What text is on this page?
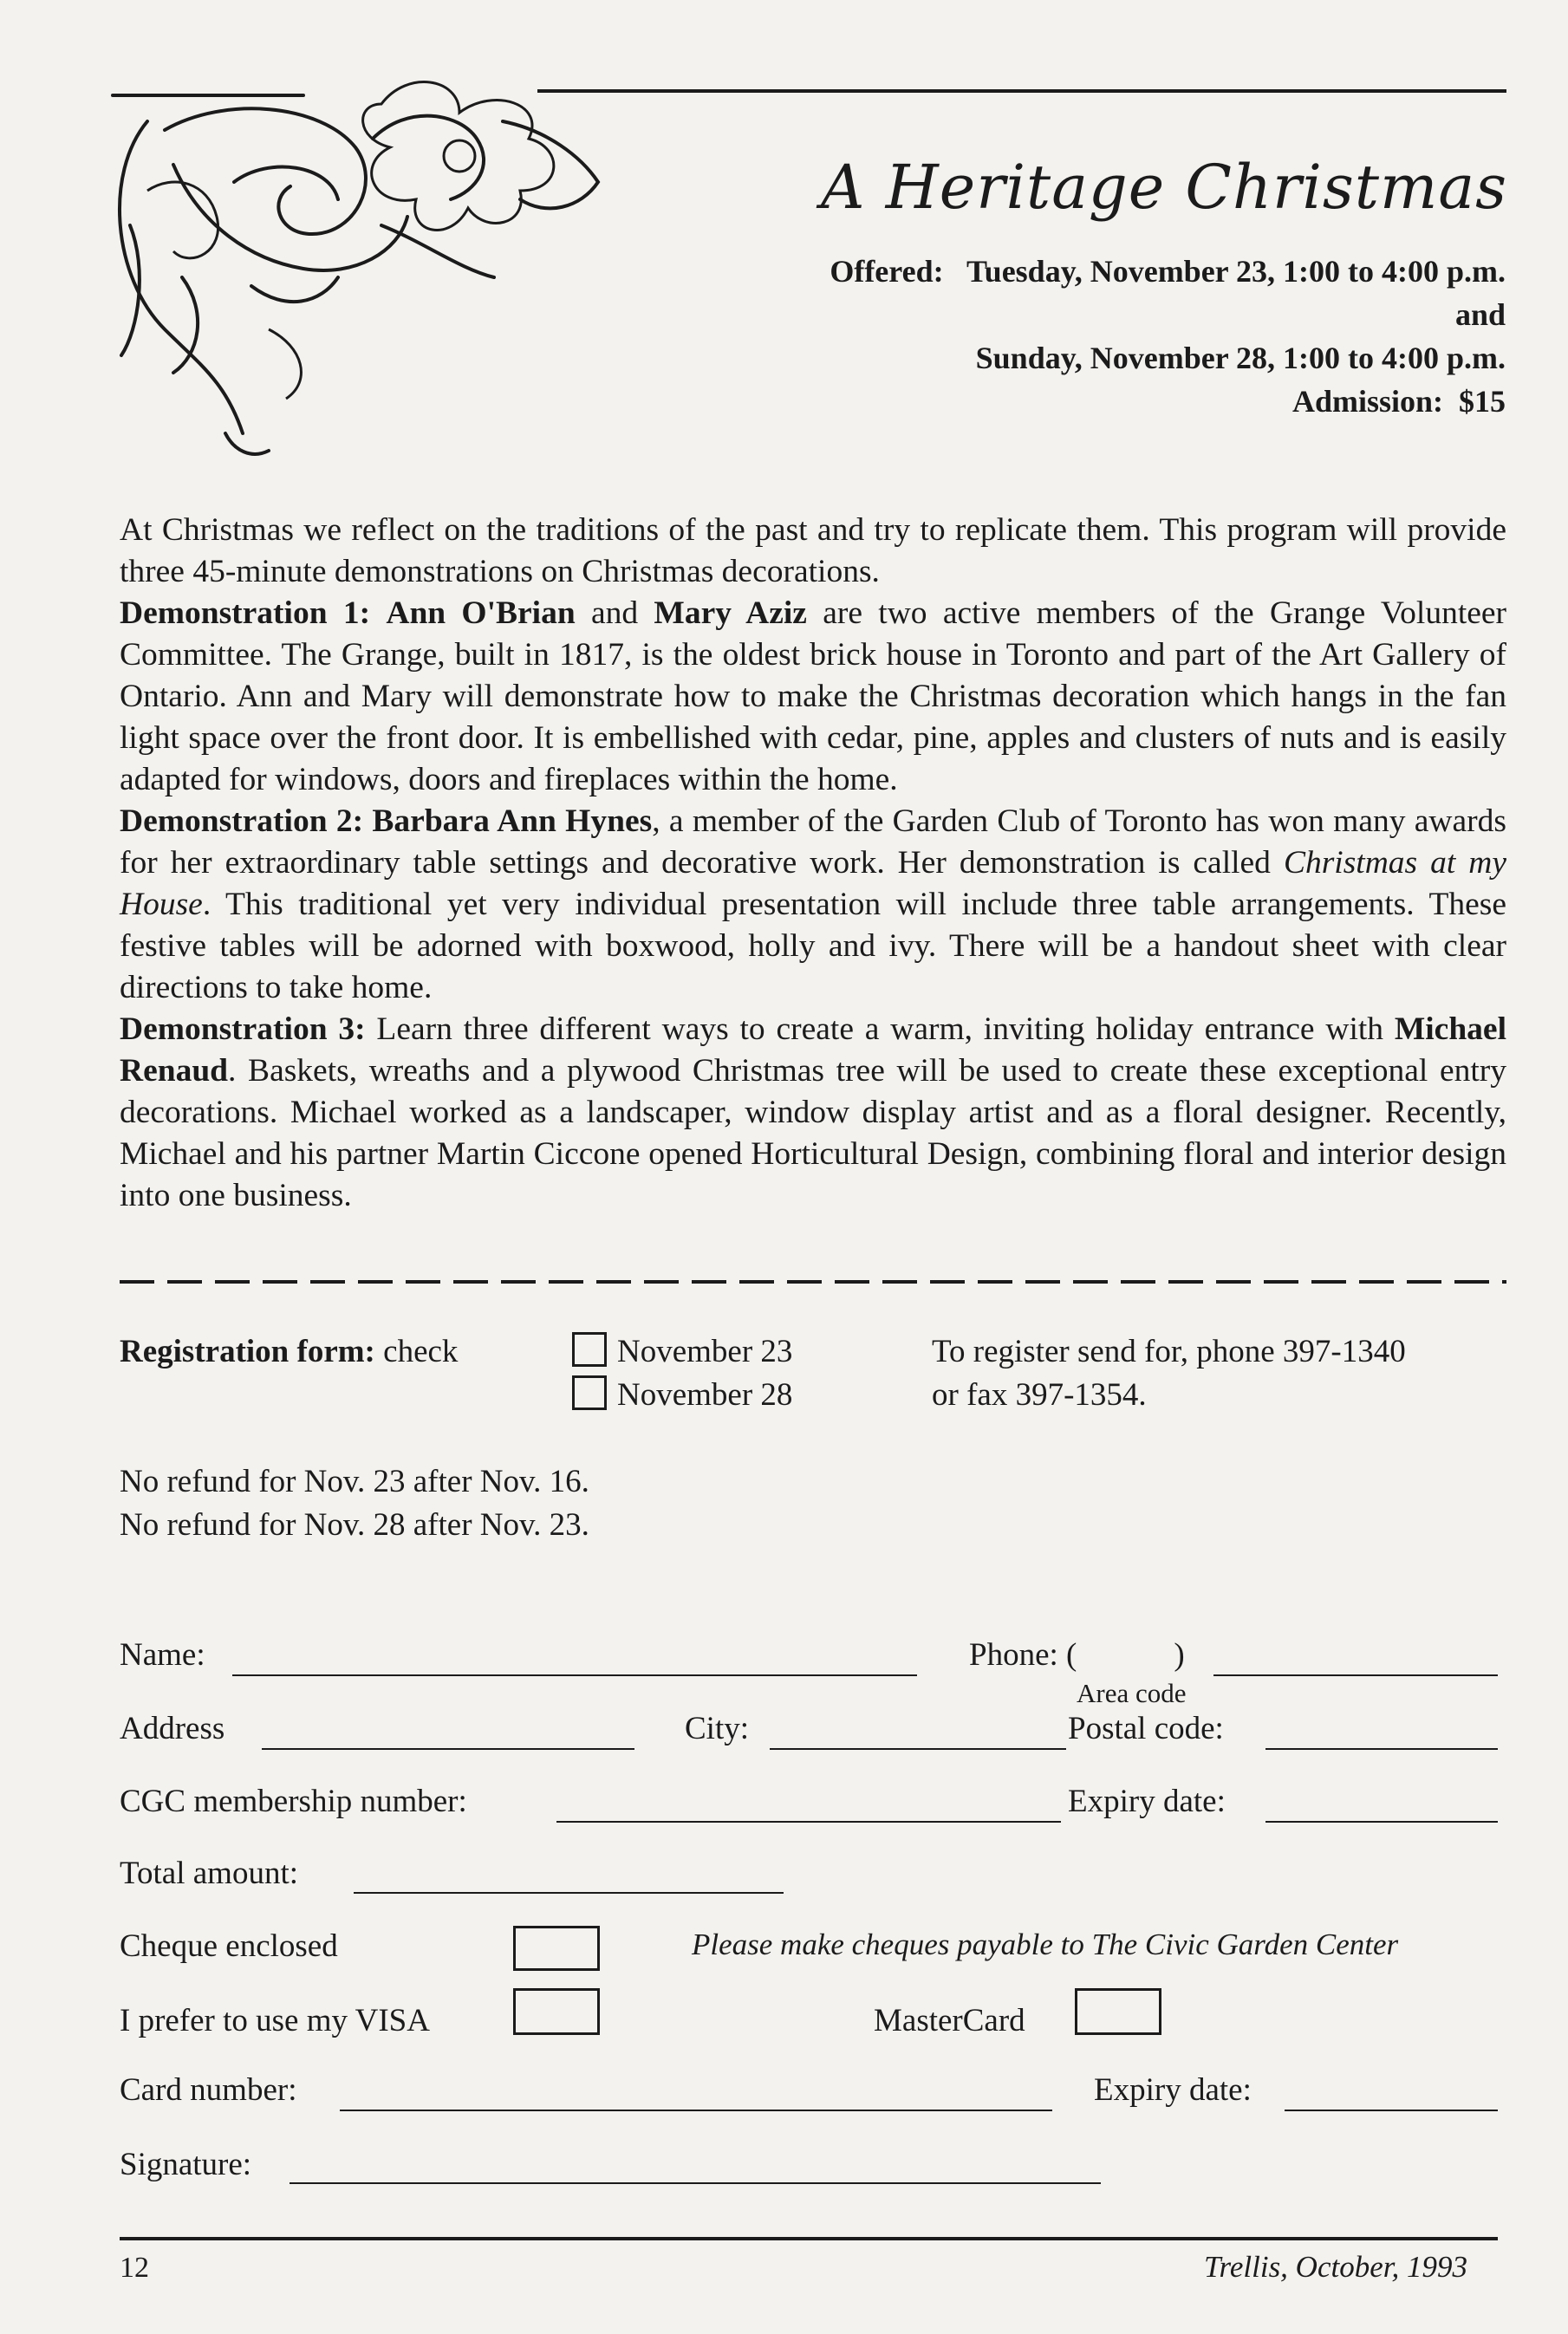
A Heritage Christmas
Offered: Tuesday, November 23, 1:00 to 4:00 p.m.
and
Sunday, November 28, 1:00 to 4:00 p.m.
Admission: $15

At Christmas we reflect on the traditions of the past and try to replicate them. This program will provide three 45-minute demonstrations on Christmas decorations.

Demonstration 1: Ann O'Brian and Mary Aziz are two active members of the Grange Volunteer Committee. The Grange, built in 1817, is the oldest brick house in Toronto and part of the Art Gallery of Ontario. Ann and Mary will demonstrate how to make the Christmas decoration which hangs in the fan light space over the front door. It is embellished with cedar, pine, apples and clusters of nuts and is easily adapted for windows, doors and fireplaces within the home.

Demonstration 2: Barbara Ann Hynes, a member of the Garden Club of Toronto has won many awards for her extraordinary table settings and decorative work. Her demonstration is called Christmas at my House. This traditional yet very individual presentation will include three table arrangements. These festive tables will be adorned with boxwood, holly and ivy. There will be a handout sheet with clear directions to take home.

Demonstration 3: Learn three different ways to create a warm, inviting holiday entrance with Michael Renaud. Baskets, wreaths and a plywood Christmas tree will be used to create these exceptional entry decorations. Michael worked as a landscaper, window display artist and as a floral designer. Recently, Michael and his partner Martin Ciccone opened Horticultural Design, combining floral and interior design into one business.

Registration form: check	November 23
November 28
To register send for, phone 397-1340
or fax 397-1354.
No refund for Nov. 23 after Nov. 16.
No refund for Nov. 28 after Nov. 23.
Name:	Phone: (	)
Area code
Address	City:	Postal code:
CGC membership number:	Expiry date:
Total amount:
Cheque enclosed	Please make cheques payable to The Civic Garden Center
I prefer to use my VISA	MasterCard
Card number:	Expiry date:
Signature:
12	Trellis, October, 1993
